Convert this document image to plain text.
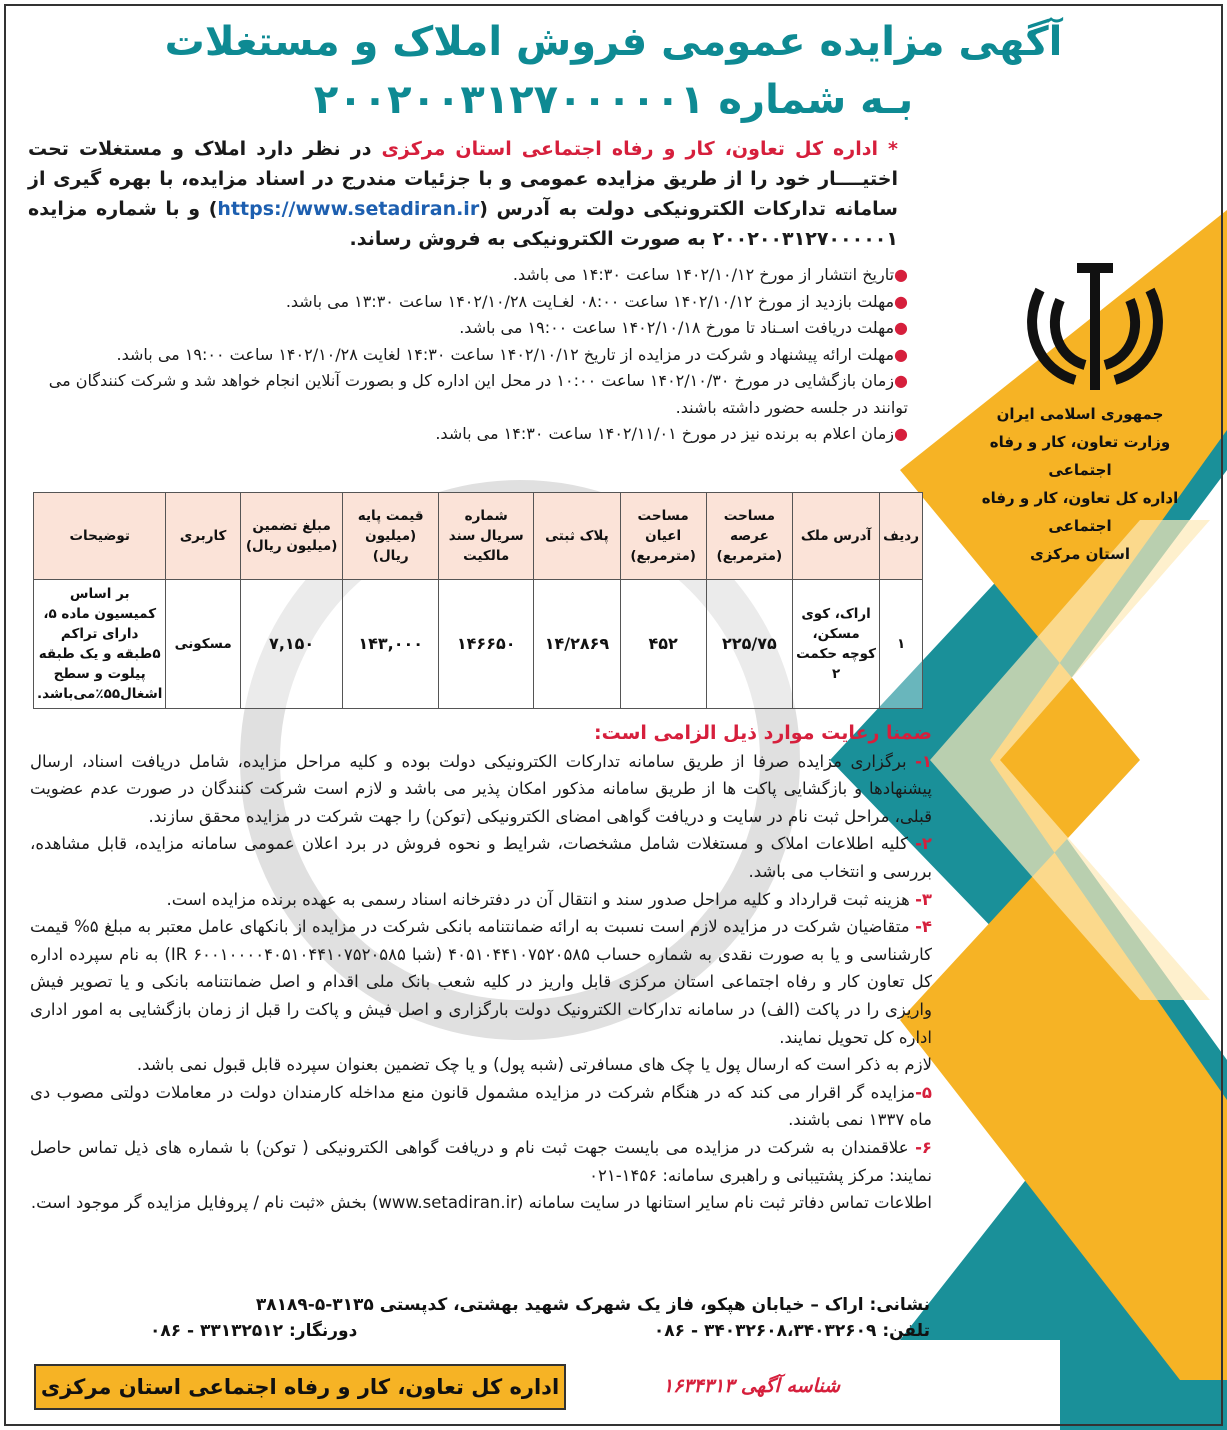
آگهی مزایده عمومی فروش املاک و مستغلات
بـه شماره ۲۰۰۲۰۰۳۱۲۷۰۰۰۰۰۱
* اداره کل تعاون، کار و رفاه اجتماعی استان مرکزی در نظر دارد املاک و مستغلات تحت اختیــــار خود را از طریق مزایده عمومی و با جزئیات مندرج در اسناد مزایده، با بهره گیری از سامانه تدارکات الکترونیکی دولت به آدرس (https://www.setadiran.ir) و با شماره مزایده ۲۰۰۲۰۰۳۱۲۷۰۰۰۰۰۱ به صورت الکترونیکی به فروش رساند.

●تاریخ انتشار از مورخ ۱۴۰۲/۱۰/۱۲ ساعت ۱۴:۳۰ می باشد.

●مهلت بازدید از مورخ ۱۴۰۲/۱۰/۱۲ ساعت ۰۸:۰۰ لغـایت ۱۴۰۲/۱۰/۲۸ ساعت ۱۳:۳۰ می باشد.

●مهلت دریافت اسـناد تا مورخ ۱۴۰۲/۱۰/۱۸ ساعت ۱۹:۰۰ می باشد.

●مهلت ارائه پیشنهاد و شرکت در مزایده از تاریخ ۱۴۰۲/۱۰/۱۲ ساعت ۱۴:۳۰ لغایت ۱۴۰۲/۱۰/۲۸ ساعت ۱۹:۰۰ می باشد.

●زمان بازگشایی در مورخ ۱۴۰۲/۱۰/۳۰ ساعت ۱۰:۰۰ در محل این اداره کل و بصورت آنلاین انجام خواهد شد و شرکت کنندگان می توانند در جلسه حضور داشته باشند.

●زمان اعلام به برنده نیز در مورخ ۱۴۰۲/۱۱/۰۱ ساعت ۱۴:۳۰ می باشد.

جمهوری اسلامی ایران
وزارت تعاون، کار و رفاه اجتماعی
اداره کل تعاون، کار و رفاه اجتماعی
استان مرکزی
ردیف	آدرس ملک	مساحت عرصه (مترمربع)	مساحت اعیان (مترمربع)	پلاک ثبتی	شماره سریال سند مالکیت	قیمت پایه (میلیون ریال)	مبلغ تضمین (میلیون ریال)	کاربری	توضیحات
۱	اراک، کوی مسکن، کوچه حکمت ۲	۲۲۵/۷۵	۴۵۲	۱۴/۲۸۶۹	۱۴۶۶۵۰	۱۴۳,۰۰۰	۷,۱۵۰	مسکونی	بر اساس کمیسیون ماده ۵، دارای تراکم ۵طبقه و یک طبقه پیلوت و سطح اشغال۵۵٪می‌باشد.

ضمنا رعایت موارد ذیل الزامی است:

۱- برگزاری مزایده صرفا از طریق سامانه تدارکات الکترونیکی دولت بوده و کلیه مراحل مزایده، شامل دریافت اسناد، ارسال پیشنهادها و بازگشایی پاکت ها از طریق سامانه مذکور امکان پذیر می باشد و لازم است شرکت کنندگان در صورت عدم عضویت قبلی، مراحل ثبت نام در سایت و دریافت گواهی امضای الکترونیکی (توکن) را جهت شرکت در مزایده محقق سازند.

۲- کلیه اطلاعات املاک و مستغلات شامل مشخصات، شرایط و نحوه فروش در برد اعلان عمومی سامانه مزایده، قابل مشاهده، بررسی و انتخاب می باشد.

۳- هزینه ثبت قرارداد و کلیه مراحل صدور سند و انتقال آن در دفترخانه اسناد رسمی به عهده برنده مزایده است.

۴- متقاضیان شرکت در مزایده لازم است نسبت به ارائه ضمانتنامه بانکی شرکت در مزایده از بانکهای عامل معتبر به مبلغ ۵% قیمت کارشناسی و یا به صورت نقدی به شماره حساب ۴۰۵۱۰۴۴۱۰۷۵۲۰۵۸۵ (شبا IR ۶۰۰۱۰۰۰۰۴۰۵۱۰۴۴۱۰۷۵۲۰۵۸۵) به نام سپرده اداره کل تعاون کار و رفاه اجتماعی استان مرکزی قابل واریز در کلیه شعب بانک ملی اقدام و اصل ضمانتنامه بانکی و یا تصویر فیش واریزی را در پاکت (الف) در سامانه تدارکات الکترونیک دولت بارگزاری و اصل فیش و پاکت را قبل از زمان بازگشایی به امور اداری اداره کل تحویل نمایند.

لازم به ذکر است که ارسال پول یا چک های مسافرتی (شبه پول) و یا چک تضمین بعنوان سپرده قابل قبول نمی باشد.

۵-مزایده گر اقرار می کند که در هنگام شرکت در مزایده مشمول قانون منع مداخله کارمندان دولت در معاملات دولتی مصوب دی ماه ۱۳۳۷ نمی باشند.

۶- علاقمندان به شرکت در مزایده می بایست جهت ثبت نام و دریافت گواهی الکترونیکی ( توکن) با شماره های ذیل تماس حاصل نمایند: مرکز پشتیبانی و راهبری سامانه: ۱۴۵۶-۰۲۱

اطلاعات تماس دفاتر ثبت نام سایر استانها در سایت سامانه (www.setadiran.ir) بخش «ثبت نام / پروفایل مزایده گر موجود است.

نشانی: اراک – خیابان هپکو، فاز یک شهرک شهید بهشتی، کدپستی ۳۱۳۵-۵-۳۸۱۸۹

تلفن: ۳۴۰۳۲۶۰۸،۳۴۰۳۲۶۰۹ - ۰۸۶
دورنگار: ۳۳۱۳۲۵۱۲ - ۰۸۶

شناسه آگهی ۱۶۳۴۳۱۳
اداره کل تعاون، کار و رفاه اجتماعی استان مرکزی
